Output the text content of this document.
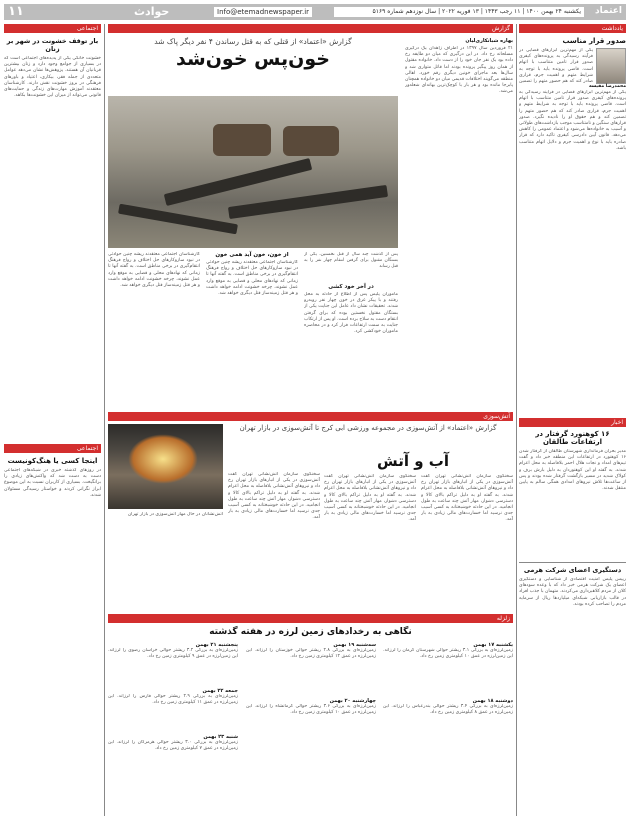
۱۱	حوادث	Info@etemadnewspaper.ir	یکشنبه ۲۴ بهمن ۱۴۰۰ | ۱۱ رجب ۱۴۴۳ | ۱۳ فوریه ۲۰۲۲ | سال نوزدهم شماره ۵۱۶۹	اعتماد
یادداشت
صدور قرار مناسب
یکی از مهم‌ترین ابزارهای قضایی در فرآیند رسیدگی به پرونده‌های کیفری صدور قرار تامین متناسب با اتهام است. قاضی پرونده باید با توجه به شرایط متهم و اهمیت جرم، قراری صادر کند که هم حضور متهم را تضمین
محمدرضا مقیسه
یکی از مهم‌ترین ابزارهای قضایی در فرآیند رسیدگی به پرونده‌های کیفری صدور قرار تامین متناسب با اتهام است. قاضی پرونده باید با توجه به شرایط متهم و اهمیت جرم، قراری صادر کند که هم حضور متهم را تضمین کند و هم حقوق او را نادیده نگیرد. صدور قرارهای سنگین و نامتناسب موجب بازداشت‌های طولانی و آسیب به خانواده‌ها می‌شود و اعتماد عمومی را کاهش می‌دهد. قانون آیین دادرسی کیفری تاکید دارد که قرار صادره باید با نوع و اهمیت جرم و دلایل اتهام متناسب باشد.
اخبار
۱۶ کوهنورد گرفتار در ارتفاعات طالقان
مدیر بحران فرمانداری شهرستان طالقان از گرفتار شدن ۱۶ کوهنورد در ارتفاعات این منطقه خبر داد و گفت تیم‌های امداد و نجات هلال احمر بلافاصله به محل اعزام شدند. به گفته او این کوهنوردان به دلیل بارش برف و کولاک شدید در مسیر بازگشت گرفتار شده بودند و پس از ساعت‌ها تلاش نیروهای امدادی همگی سالم به پایین منتقل شدند.
دستگیری اعضای شرکت هرمی
رییس پلیس امنیت اقتصادی از شناسایی و دستگیری اعضای یک شرکت هرمی خبر داد که با وعده سودهای کلان از مردم کلاهبرداری می‌کردند. متهمان با جذب افراد در قالب بازاریابی شبکه‌ای میلیاردها ریال از سرمایه مردم را تصاحب کرده بودند.
گزارش
گزارش «اعتماد» از قتلی که به قتل رساندن ۴ نفر دیگر پاک شد
خون‌پس خون‌شد
بهاره شبانکاری‌لیان
۲۱ فروردین سال ۱۳۹۷ در اطراف زاهدان یک درگیری مسلحانه رخ داد. در این درگیری که میان دو طایفه رخ داده بود یک نفر جان خود را از دست داد. خانواده مقتول از همان روز پیگیر پرونده بودند اما قاتل متواری شد و سال‌ها بعد ماجرای خونین دیگری رقم خورد. اهالی منطقه می‌گویند اختلافات قدیمی میان دو خانواده همچنان پابرجا مانده بود و هر بار با کوچک‌ترین بهانه‌ای شعله‌ور می‌شد.
کارشناسان اجتماعی معتقدند ریشه چنین حوادثی در نبود سازوکارهای حل اختلاف و رواج فرهنگ انتقام‌گیری در برخی مناطق است. به گفته آنها تا زمانی که نهادهای محلی و قضایی به موقع وارد عمل نشوند، چرخه خشونت ادامه خواهد داشت و هر قتل زمینه‌ساز قتل دیگری خواهد شد.
از خون، خون آید همی خون
کارشناسان اجتماعی معتقدند ریشه چنین حوادثی در نبود سازوکارهای حل اختلاف و رواج فرهنگ انتقام‌گیری در برخی مناطق است. به گفته آنها تا زمانی که نهادهای محلی و قضایی به موقع وارد عمل نشوند، چرخه خشونت ادامه خواهد داشت و هر قتل زمینه‌ساز قتل دیگری خواهد شد.
پس از گذشت چند سال از قتل نخستین، یکی از بستگان مقتول برای گرفتن انتقام چهار نفر را به قتل رساند
در آخر خود کشی
ماموران پلیس پس از اطلاع از حادثه به محل رفتند و با پیکر غرق در خون چهار نفر روبه‌رو شدند. تحقیقات نشان داد عامل این جنایت یکی از بستگان مقتول نخستین بوده که برای گرفتن انتقام دست به سلاح برده است. او پس از ارتکاب جنایت به سمت ارتفاعات فرار کرد و در محاصره ماموران خودکشی کرد.
اجتماعی
بار توقف خشونت در شهر بر زنان
خشونت خانگی یکی از پدیده‌های اجتماعی است که در بسیاری از جوامع وجود دارد و زنان بیشترین قربانیان آن هستند. پژوهش‌ها نشان می‌دهد عوامل متعددی از جمله فقر، بیکاری، اعتیاد و باورهای فرهنگی در بروز خشونت نقش دارند. کارشناسان معتقدند آموزش مهارت‌های زندگی و حمایت‌های قانونی می‌تواند از میزان این خشونت‌ها بکاهد.
اجتماعی
اینجا کسی یا هنگ‌کونیست
در روزهای گذشته خبری در شبکه‌های اجتماعی دست به دست شد که واکنش‌های زیادی را برانگیخت. بسیاری از کاربران نسبت به این موضوع ابراز نگرانی کردند و خواستار رسیدگی مسئولان شدند.
آتش‌سوزی
گزارش «اعتماد» از آتش‌سوزی در مجموعه ورزشی ابی کرج تا آتش‌سوزی در بازار تهران
آب و آتش
آتش‌نشانان در حال مهار آتش‌سوزی در بازار تهران
سخنگوی سازمان آتش‌نشانی تهران گفت آتش‌سوزی در یکی از انبارهای بازار تهران رخ داد و نیروهای آتش‌نشانی بلافاصله به محل اعزام شدند. به گفته او به دلیل تراکم بالای کالا و دسترسی دشوار، مهار آتش چند ساعت به طول انجامید. در این حادثه خوشبختانه به کسی آسیب جدی نرسید اما خسارت‌های مالی زیادی به بار آمد.
سخنگوی سازمان آتش‌نشانی تهران گفت آتش‌سوزی در یکی از انبارهای بازار تهران رخ داد و نیروهای آتش‌نشانی بلافاصله به محل اعزام شدند. به گفته او به دلیل تراکم بالای کالا و دسترسی دشوار، مهار آتش چند ساعت به طول انجامید. در این حادثه خوشبختانه به کسی آسیب جدی نرسید اما خسارت‌های مالی زیادی به بار آمد.
سخنگوی سازمان آتش‌نشانی تهران گفت آتش‌سوزی در یکی از انبارهای بازار تهران رخ داد و نیروهای آتش‌نشانی بلافاصله به محل اعزام شدند. به گفته او به دلیل تراکم بالای کالا و دسترسی دشوار، مهار آتش چند ساعت به طول انجامید. در این حادثه خوشبختانه به کسی آسیب جدی نرسید اما خسارت‌های مالی زیادی به بار آمد.
زلزله
نگاهی به رخدادهای زمین لرزه در هفته گذشته
یکشنبه ۱۷ بهمن
زمین‌لرزه‌ای به بزرگی ۳.۱ ریشتر حوالی شهرستان کرمان را لرزاند. این زمین‌لرزه در عمق ۱۰ کیلومتری زمین رخ داد.
دوشنبه ۱۸ بهمن
زمین‌لرزه‌ای به بزرگی ۳.۴ ریشتر حوالی بندرعباس را لرزاند. این زمین‌لرزه در عمق ۸ کیلومتری زمین رخ داد.
سه‌شنبه ۱۹ بهمن
زمین‌لرزه‌ای به بزرگی ۲.۸ ریشتر حوالی خوزستان را لرزاند. این زمین‌لرزه در عمق ۱۲ کیلومتری زمین رخ داد.
چهارشنبه ۲۰ بهمن
زمین‌لرزه‌ای به بزرگی ۳.۶ ریشتر حوالی کرمانشاه را لرزاند. این زمین‌لرزه در عمق ۱۰ کیلومتری زمین رخ داد.
پنجشنبه ۲۱ بهمن
زمین‌لرزه‌ای به بزرگی ۳.۲ ریشتر حوالی خراسان رضوی را لرزاند. این زمین‌لرزه در عمق ۹ کیلومتری زمین رخ داد.
جمعه ۲۲ بهمن
زمین‌لرزه‌ای به بزرگی ۲.۹ ریشتر حوالی فارس را لرزاند. این زمین‌لرزه در عمق ۱۱ کیلومتری زمین رخ داد.
شنبه ۲۳ بهمن
زمین‌لرزه‌ای به بزرگی ۳.۰ ریشتر حوالی هرمزگان را لرزاند. این زمین‌لرزه در عمق ۷ کیلومتری زمین رخ داد.
